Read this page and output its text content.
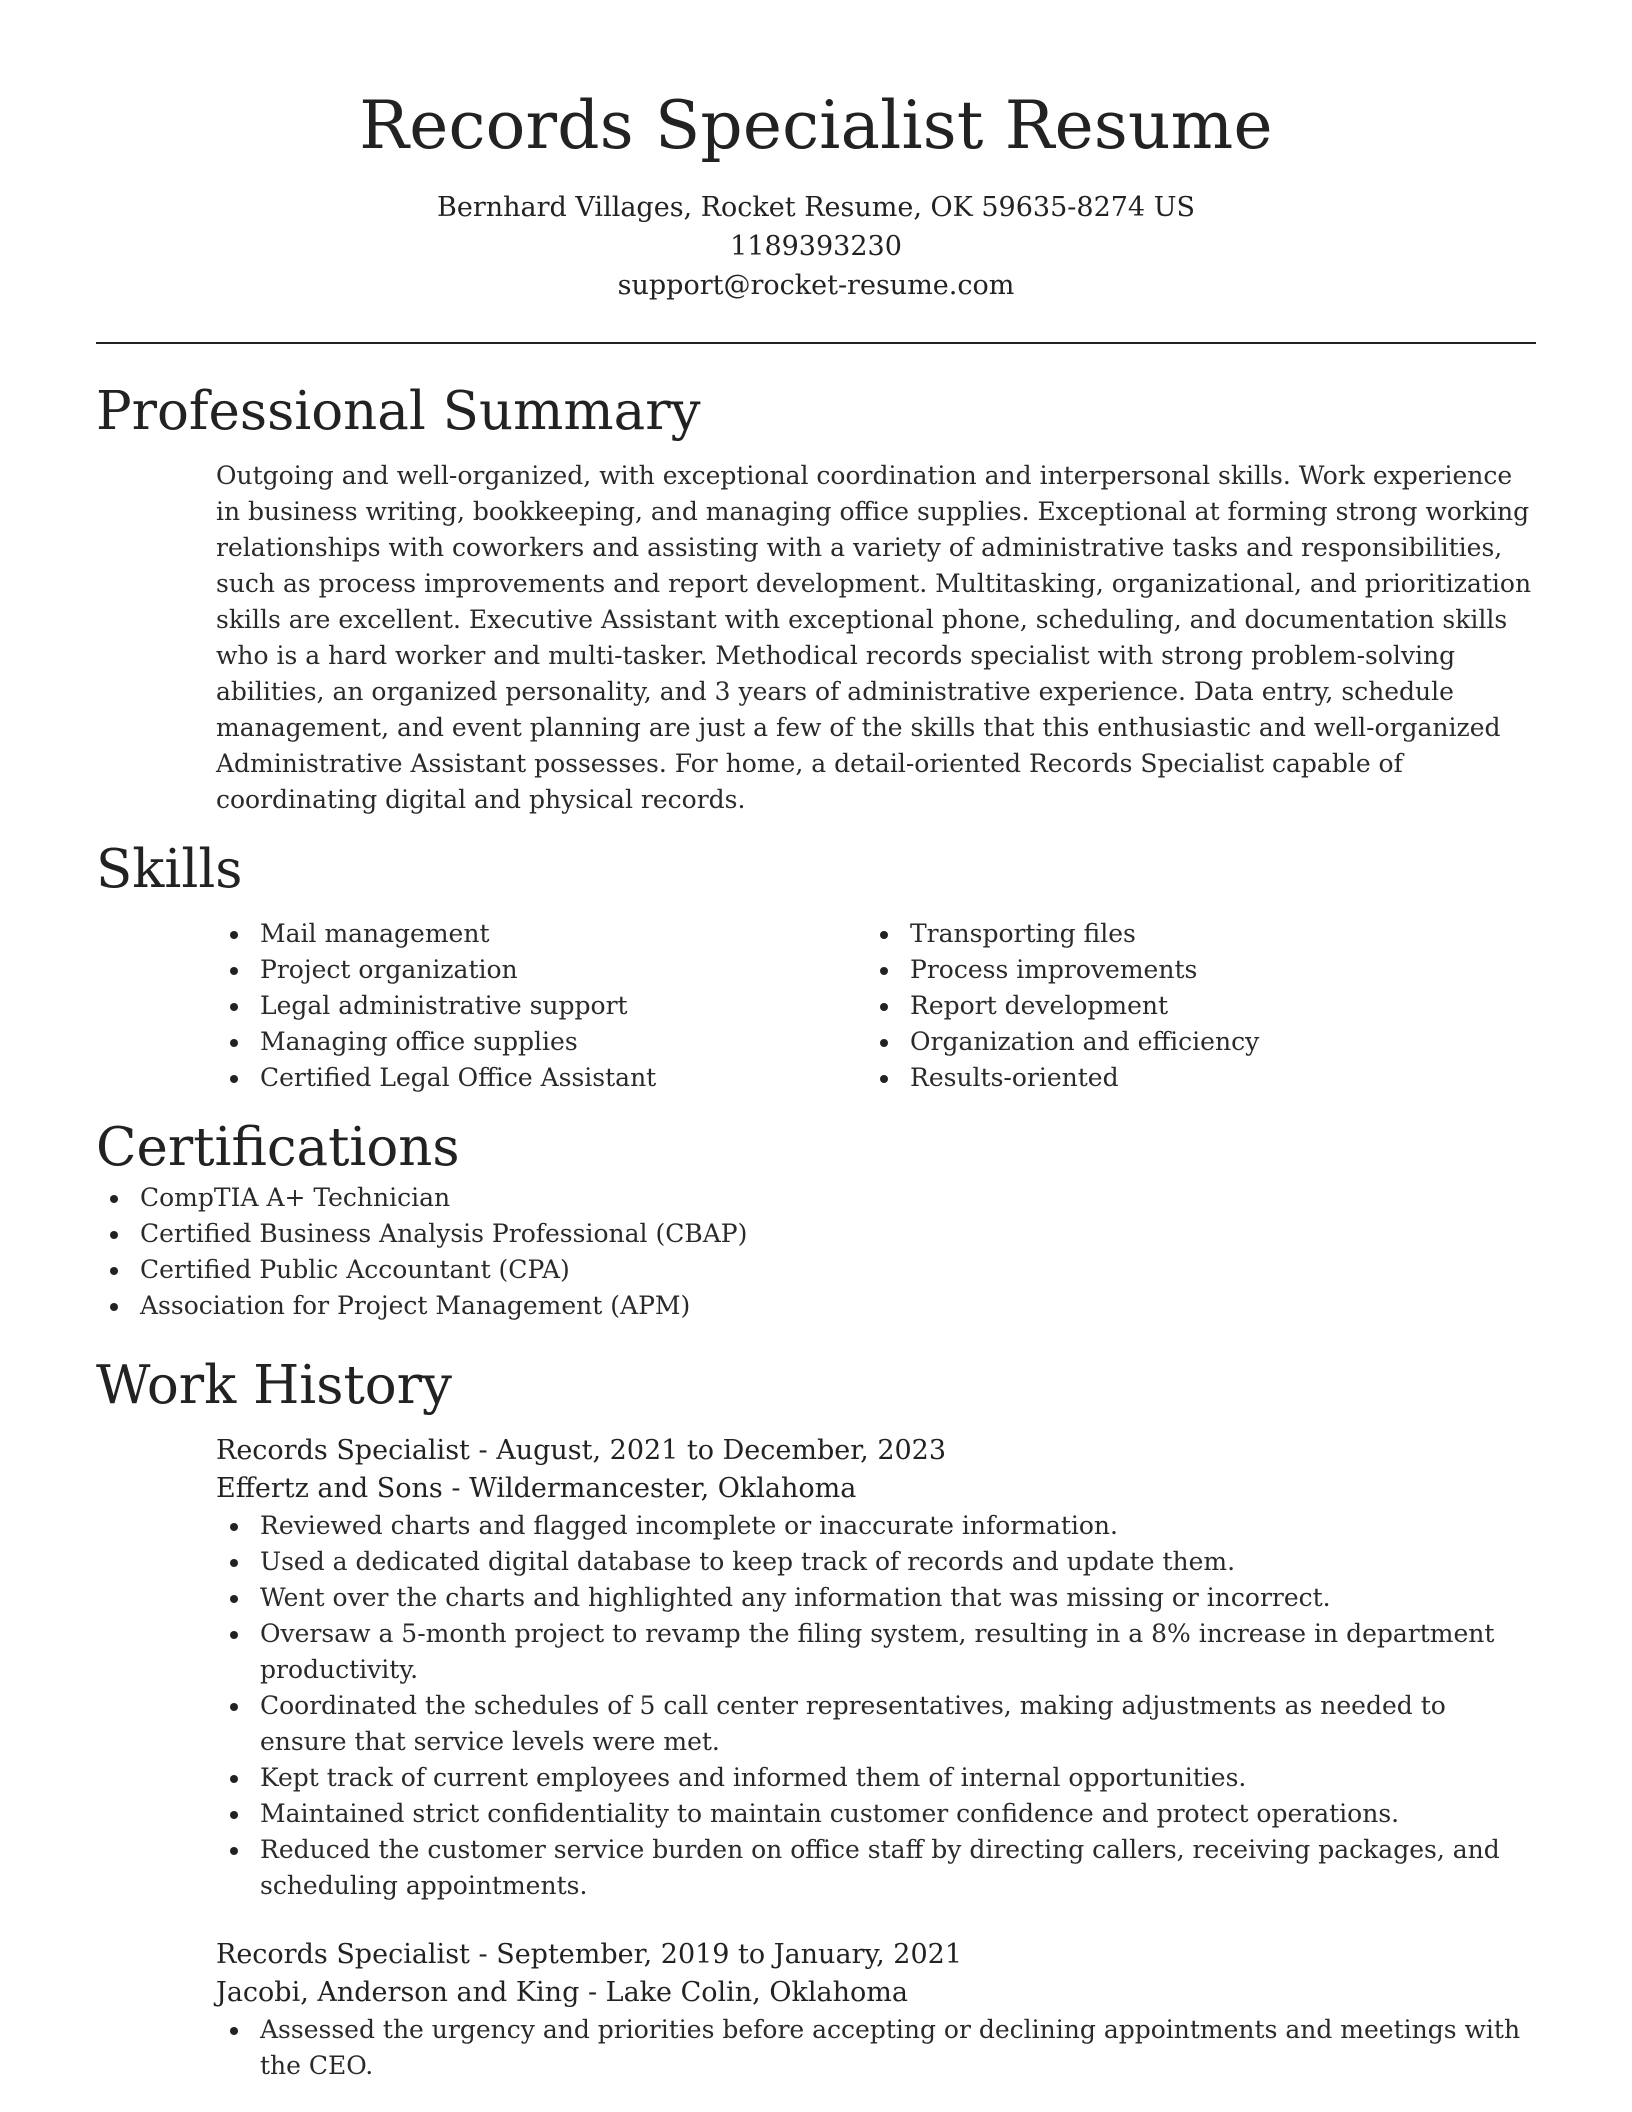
Records Specialist Resume
Bernhard Villages, Rocket Resume, OK 59635-8274 US
1189393230
support@rocket-resume.com
Professional Summary

Outgoing and well-organized, with exceptional coordination and interpersonal skills. Work experience in business writing, bookkeeping, and managing office supplies. Exceptional at forming strong working relationships with coworkers and assisting with a variety of administrative tasks and responsibilities, such as process improvements and report development. Multitasking, organizational, and prioritization skills are excellent. Executive Assistant with exceptional phone, scheduling, and documentation skills who is a hard worker and multi-tasker. Methodical records specialist with strong problem-solving abilities, an organized personality, and 3 years of administrative experience. Data entry, schedule management, and event planning are just a few of the skills that this enthusiastic and well-organized Administrative Assistant possesses. For home, a detail-oriented Records Specialist capable of coordinating digital and physical records.

Skills
Mail management
Project organization
Legal administrative support
Managing office supplies
Certified Legal Office Assistant
Transporting files
Process improvements
Report development
Organization and efficiency
Results-oriented
Certifications
CompTIA A+ Technician
Certified Business Analysis Professional (CBAP)
Certified Public Accountant (CPA)
Association for Project Management (APM)
Work History
Records Specialist - August, 2021 to December, 2023
Effertz and Sons - Wildermancester, Oklahoma
Reviewed charts and flagged incomplete or inaccurate information.
Used a dedicated digital database to keep track of records and update them.
Went over the charts and highlighted any information that was missing or incorrect.
Oversaw a 5-month project to revamp the filing system, resulting in a 8% increase in department productivity.
Coordinated the schedules of 5 call center representatives, making adjustments as needed to ensure that service levels were met.
Kept track of current employees and informed them of internal opportunities.
Maintained strict confidentiality to maintain customer confidence and protect operations.
Reduced the customer service burden on office staff by directing callers, receiving packages, and scheduling appointments.
Records Specialist - September, 2019 to January, 2021
Jacobi, Anderson and King - Lake Colin, Oklahoma
Assessed the urgency and priorities before accepting or declining appointments and meetings with the CEO.
